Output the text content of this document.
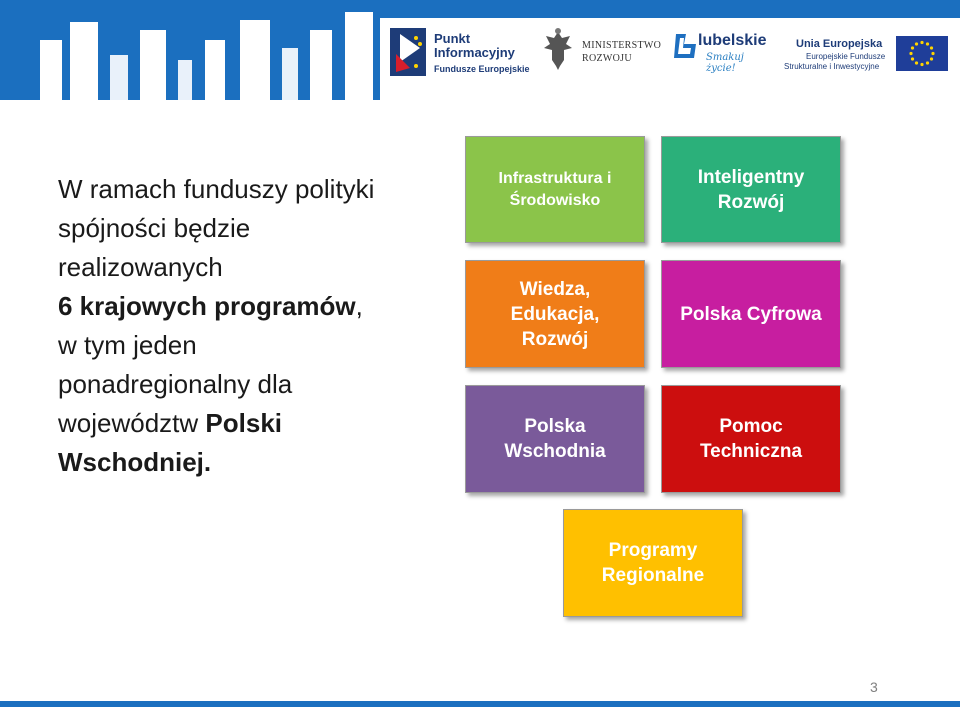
Punkt
Informacyjny
Fundusze Europejskie
MINISTERSTWO
ROZWOJU
lubelskie
Smakuj życie!
Unia Europejska
Europejskie Fundusze
Strukturalne i Inwestycyjne
W ramach funduszy polityki
spójności będzie
realizowanych
6 krajowych programów,
w tym jeden
ponadregionalny dla
województw Polski
Wschodniej.
Infrastruktura i
Środowisko
Inteligentny
Rozwój
Wiedza,
Edukacja,
Rozwój
Polska Cyfrowa
Polska
Wschodnia
Pomoc
Techniczna
Programy
Regionalne
3
